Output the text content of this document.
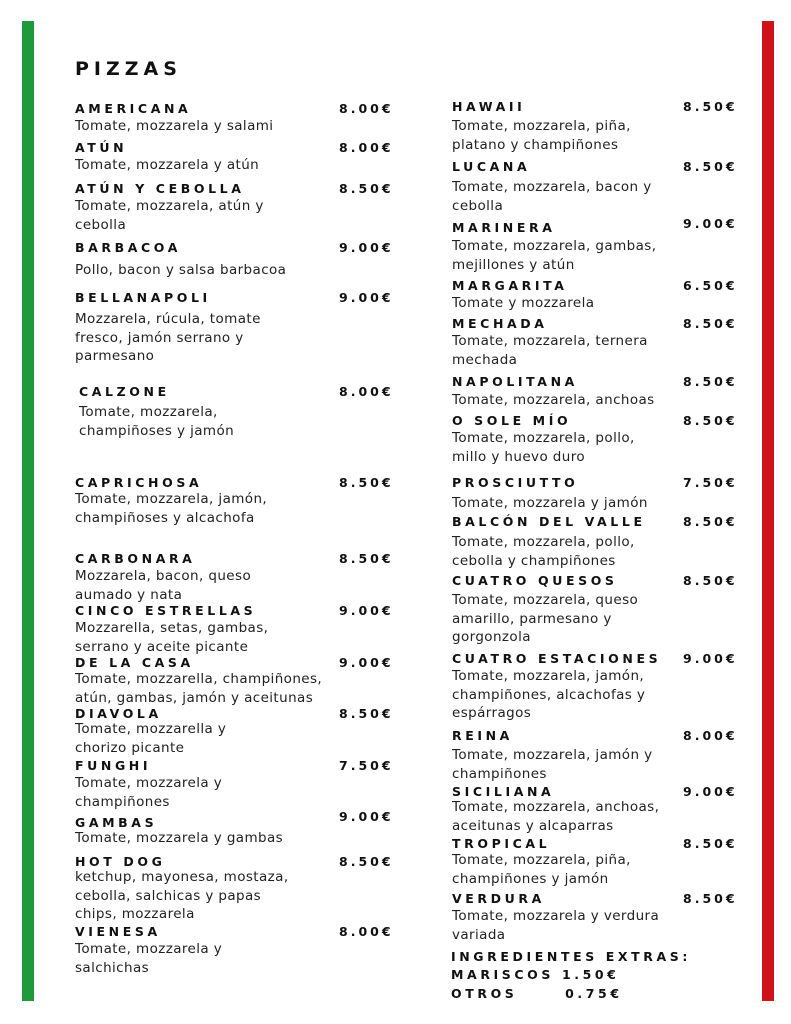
PIZZAS
AMERICANA	8.00€
Tomate, mozzarela y salami
ATÚN	8.00€
Tomate, mozzarela y atún
ATÚN Y CEBOLLA	8.50€
Tomate, mozzarela, atún y
cebolla
BARBACOA	9.00€
Pollo, bacon y salsa barbacoa
BELLANAPOLI	9.00€
Mozzarela, rúcula, tomate
fresco, jamón serrano y
parmesano
CALZONE	8.00€
Tomate, mozzarela,
champiñoses y jamón
CAPRICHOSA	8.50€
Tomate, mozzarela, jamón,
champiñoses y alcachofa
CARBONARA	8.50€
Mozzarela, bacon, queso
aumado y nata
CINCO ESTRELLAS	9.00€
Mozzarella, setas, gambas,
serrano y aceite picante
DE LA CASA	9.00€
Tomate, mozzarella, champiñones,
atún, gambas, jamón y aceitunas
DIAVOLA	8.50€
Tomate, mozzarella y
chorizo picante
FUNGHI	7.50€
Tomate, mozzarela y
champiñones
GAMBAS	9.00€
Tomate, mozzarela y gambas
HOT DOG	8.50€
ketchup, mayonesa, mostaza,
cebolla, salchicas y papas
chips, mozzarela
VIENESA	8.00€
Tomate, mozzarela y
salchichas
HAWAII	8.50€
Tomate, mozzarela, piña,
platano y champiñones
LUCANA	8.50€
Tomate, mozzarela, bacon y
cebolla
MARINERA	9.00€
Tomate, mozzarela, gambas,
mejillones y atún
MARGARITA	6.50€
Tomate y mozzarela
MECHADA	8.50€
Tomate, mozzarela, ternera
mechada
NAPOLITANA	8.50€
Tomate, mozzarela, anchoas
O SOLE MÍO	8.50€
Tomate, mozzarela, pollo,
millo y huevo duro
PROSCIUTTO	7.50€
Tomate, mozzarela y jamón
BALCÓN DEL VALLE	8.50€
Tomate, mozzarela, pollo,
cebolla y champiñones
CUATRO QUESOS	8.50€
Tomate, mozzarela, queso
amarillo, parmesano y
gorgonzola
CUATRO ESTACIONES 9.00€
Tomate, mozzarela, jamón,
champiñones, alcachofas y
espárragos
REINA	8.00€
Tomate, mozzarela, jamón y
champiñones
SICILIANA	9.00€
Tomate, mozzarela, anchoas,
aceitunas y alcaparras
TROPICAL	8.50€
Tomate, mozzarela, piña,
champiñones y jamón
VERDURA	8.50€
Tomate, mozzarela y verdura
variada
INGREDIENTES EXTRAS:
MARISCOS 1.50€
OTROS      0.75€
